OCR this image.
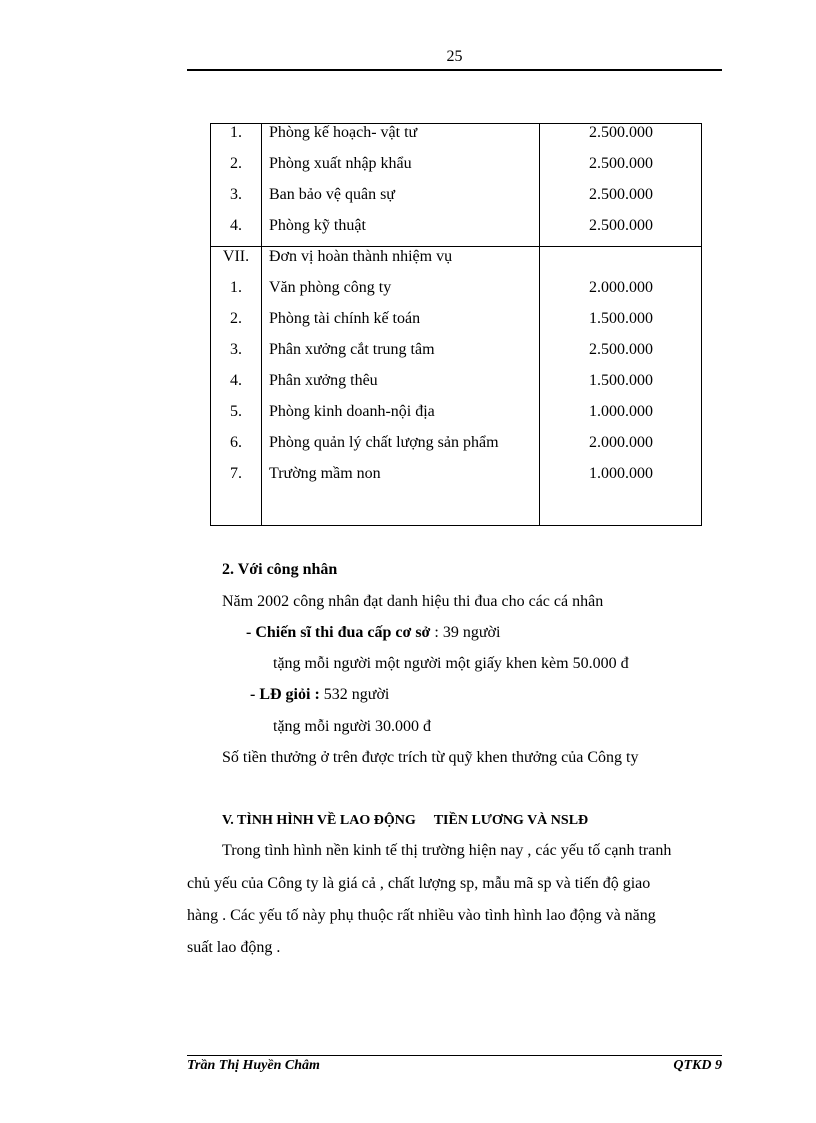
25
1.	Phòng kế hoạch- vật tư	2.500.000
2.	Phòng xuất nhập khẩu	2.500.000
3.	Ban bảo vệ quân sự	2.500.000
4.	Phòng kỹ thuật	2.500.000
VII.	Đơn vị hoàn thành nhiệm vụ
1.	Văn phòng công ty	2.000.000
2.	Phòng tài chính kế toán	1.500.000
3.	Phân xưởng cắt trung tâm	2.500.000
4.	Phân xưởng thêu	1.500.000
5.	Phòng kinh doanh-nội địa	1.000.000
6.	Phòng quản lý chất lượng sản phẩm	2.000.000
7.	Trường mầm non	1.000.000
2. Với công nhân
Năm 2002 công nhân đạt danh hiệu thi đua cho các cá nhân
- Chiến sĩ thi đua cấp cơ sở : 39 người
tặng mỗi người một người một giấy khen kèm 50.000 đ
- LĐ giỏi : 532 người
tặng mỗi người 30.000 đ
Số tiền thưởng ở trên được trích từ quỹ khen thưởng của Công ty
V. TÌNH HÌNH VỀ LAO ĐỘNG TIỀN LƯƠNG VÀ NSLĐ
Trong tình hình nền kinh tế thị trường hiện nay , các yếu tố cạnh tranh
chủ yếu của Công ty là giá cả , chất lượng sp, mẫu mã sp và tiến độ giao
hàng . Các yếu tố này phụ thuộc rất nhiều vào tình hình lao động và năng
suất lao động .
Trần Thị Huyền Châm	QTKD 9
